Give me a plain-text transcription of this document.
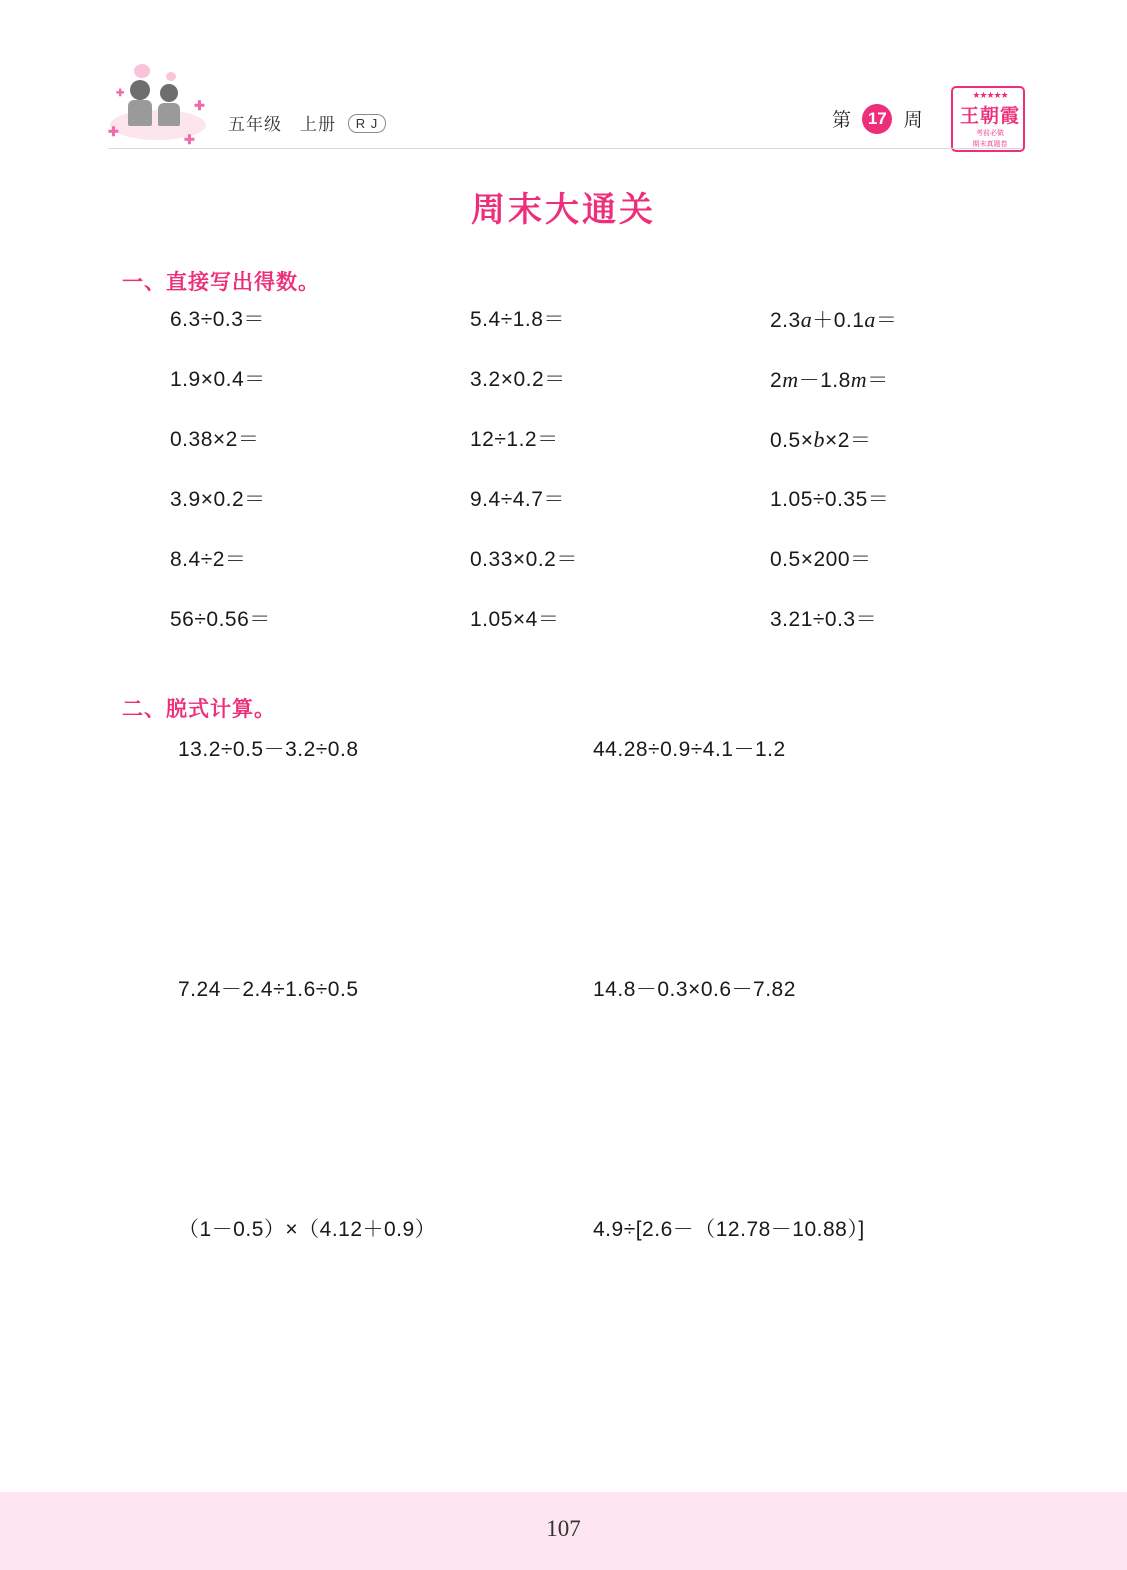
✚
✚
✚
✚
五年级　上册 R J	第 17 周
★★★★★
王朝霞
考前必做
期末真题卷
周末大通关
一、直接写出得数。
6.3÷0.3＝	5.4÷1.8＝	2.3a＋0.1a＝
1.9×0.4＝	3.2×0.2＝	2m－1.8m＝
0.38×2＝	12÷1.2＝	0.5×b×2＝
3.9×0.2＝	9.4÷4.7＝	1.05÷0.35＝
8.4÷2＝	0.33×0.2＝	0.5×200＝
56÷0.56＝	1.05×4＝	3.21÷0.3＝
二、脱式计算。
13.2÷0.5－3.2÷0.8	44.28÷0.9÷4.1－1.2
7.24－2.4÷1.6÷0.5	14.8－0.3×0.6－7.82
（1－0.5）×（4.12＋0.9）	4.9÷[2.6－（12.78－10.88）]
107
